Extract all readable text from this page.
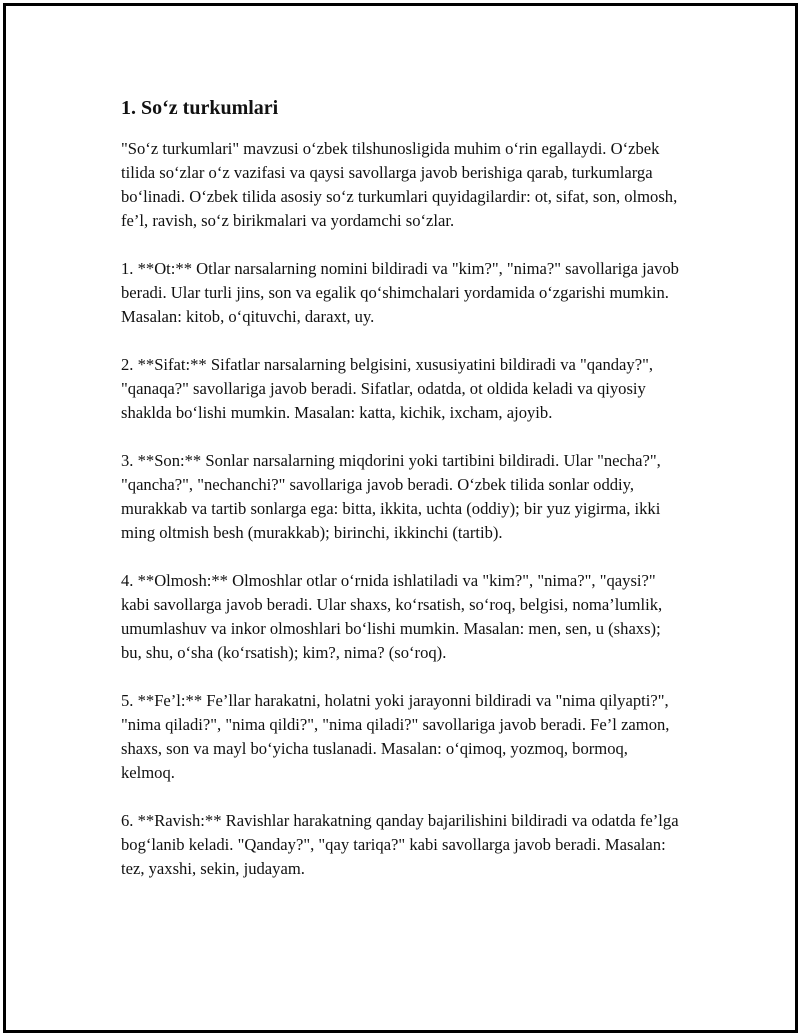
1. So‘z turkumlari

"So‘z turkumlari" mavzusi o‘zbek tilshunosligida muhim o‘rin egallaydi. O‘zbek tilida so‘zlar o‘z vazifasi va qaysi savollarga javob berishiga qarab, turkumlarga bo‘linadi. O‘zbek tilida asosiy so‘z turkumlari quyidagilardir: ot, sifat, son, olmosh, fe’l, ravish, so‘z birikmalari va yordamchi so‘zlar.

1. **Ot:** Otlar narsalarning nomini bildiradi va "kim?", "nima?" savollariga javob beradi. Ular turli jins, son va egalik qo‘shimchalari yordamida o‘zgarishi mumkin. Masalan: kitob, o‘qituvchi, daraxt, uy.

2. **Sifat:** Sifatlar narsalarning belgisini, xususiyatini bildiradi va "qanday?", "qanaqa?" savollariga javob beradi. Sifatlar, odatda, ot oldida keladi va qiyosiy shaklda bo‘lishi mumkin. Masalan: katta, kichik, ixcham, ajoyib.

3. **Son:** Sonlar narsalarning miqdorini yoki tartibini bildiradi. Ular "necha?", "qancha?", "nechanchi?" savollariga javob beradi. O‘zbek tilida sonlar oddiy, murakkab va tartib sonlarga ega: bitta, ikkita, uchta (oddiy); bir yuz yigirma, ikki ming oltmish besh (murakkab); birinchi, ikkinchi (tartib).

4. **Olmosh:** Olmoshlar otlar o‘rnida ishlatiladi va "kim?", "nima?", "qaysi?" kabi savollarga javob beradi. Ular shaxs, ko‘rsatish, so‘roq, belgisi, noma’lumlik, umumlashuv va inkor olmoshlari bo‘lishi mumkin. Masalan: men, sen, u (shaxs); bu, shu, o‘sha (ko‘rsatish); kim?, nima? (so‘roq).

5. **Fe’l:** Fe’llar harakatni, holatni yoki jarayonni bildiradi va "nima qilyapti?", "nima qiladi?", "nima qildi?", "nima qiladi?" savollariga javob beradi. Fe’l zamon, shaxs, son va mayl bo‘yicha tuslanadi. Masalan: o‘qimoq, yozmoq, bormoq, kelmoq.

6. **Ravish:** Ravishlar harakatning qanday bajarilishini bildiradi va odatda fe’lga bog‘lanib keladi. "Qanday?", "qay tariqa?" kabi savollarga javob beradi. Masalan: tez, yaxshi, sekin, judayam.
